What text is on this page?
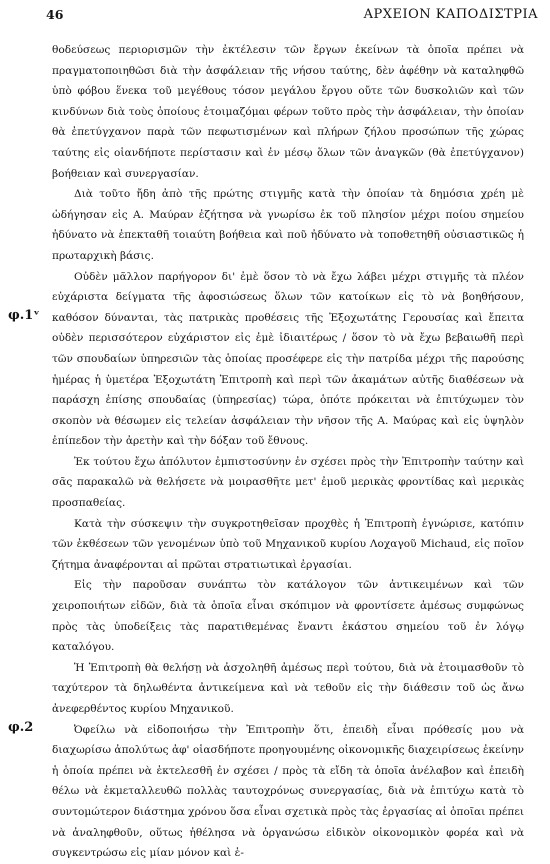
46	ΑΡΧΕΙΟΝ ΚΑΠΟΔΙΣΤΡΙΑ
φ.1ᵛ
φ.2

θοδεύσεως περιορισμῶν τὴν ἐκτέλεσιν τῶν ἔργων ἐκείνων τὰ ὁποῖα πρέπει νὰ πραγματοποιηθῶσι διὰ τὴν ἀσφάλειαν τῆς νήσου ταύτης, δὲν ἀφέθην νὰ καταληφθῶ ὑπὸ φόβου ἕνεκα τοῦ μεγέθους τόσον μεγάλου ἔργου οὔτε τῶν δυσκολιῶν καὶ τῶν κινδύνων διὰ τοὺς ὁποίους ἑτοιμαζόμαι φέρων τοῦτο πρὸς τὴν ἀσφάλειαν, τὴν ὁποίαν θὰ ἐπετύγχανον παρὰ τῶν πεφωτισμένων καὶ πλήρων ζήλου προσώπων τῆς χώρας ταύτης εἰς οἱανδήποτε περίστασιν καὶ ἐν μέσῳ ὅλων τῶν ἀναγκῶν (θὰ ἐπετύγχανον) βοήθειαν καὶ συνεργασίαν.

Διὰ τοῦτο ἤδη ἀπὸ τῆς πρώτης στιγμῆς κατὰ τὴν ὁποίαν τὰ δημόσια χρέη μὲ ὡδήγησαν εἰς Α. Μαύραν ἐζήτησα νὰ γνωρίσω ἐκ τοῦ πλησίον μέχρι ποίου σημείου ἠδύνατο νὰ ἐπεκταθῆ τοιαύτη βοήθεια καὶ ποῦ ἠδύνατο νὰ τοποθετηθῆ οὐσιαστικῶς ἡ πρωταρχικὴ βάσις.

Οὐδὲν μᾶλλον παρήγορον δι' ἐμὲ ὅσον τὸ νὰ ἔχω λάβει μέχρι στιγμῆς τὰ πλέον εὐχάριστα δείγματα τῆς ἀφοσιώσεως ὅλων τῶν κατοίκων εἰς τὸ νὰ βοηθήσουν, καθόσον δύνανται, τὰς πατρικὰς προθέσεις τῆς Ἐξοχωτάτης Γερουσίας καὶ ἔπειτα οὐδὲν περισσότερον εὐχάριστον εἰς ἐμὲ ἰδιαιτέρως / ὅσον τὸ νὰ ἔχω βεβαιωθῆ περὶ τῶν σπουδαίων ὑπηρεσιῶν τὰς ὁποίας προσέφερε εἰς τὴν πατρίδα μέχρι τῆς παρούσης ἡμέρας ἡ ὑμετέρα Ἐξοχωτάτη Ἐπιτροπὴ καὶ περὶ τῶν ἀκαμάτων αὐτῆς διαθέσεων νὰ παράσχη ἐπίσης σπουδαίας (ὑπηρεσίας) τώρα, ὁπότε πρόκειται νὰ ἐπιτύχωμεν τὸν σκοπὸν νὰ θέσωμεν εἰς τελείαν ἀσφάλειαν τὴν νῆσον τῆς Α. Μαύρας καὶ εἰς ὑψηλὸν ἐπίπεδον τὴν ἀρετὴν καὶ τὴν δόξαν τοῦ ἔθνους.

Ἐκ τούτου ἔχω ἀπόλυτον ἐμπιστοσύνην ἐν σχέσει πρὸς τὴν Ἐπιτροπὴν ταύτην καὶ σᾶς παρακαλῶ νὰ θελήσετε νὰ μοιρασθῆτε μετ' ἐμοῦ μερικὰς φροντίδας καὶ μερικὰς προσπαθείας.

Κατὰ τὴν σύσκεψιν τὴν συγκροτηθεῖσαν προχθὲς ἡ Ἐπιτροπὴ ἐγνώρισε, κατόπιν τῶν ἐκθέσεων τῶν γενομένων ὑπὸ τοῦ Μηχανικοῦ κυρίου Λοχαγοῦ Michaud, εἰς ποῖον ζήτημα ἀναφέρονται αἱ πρῶται στρατιωτικαὶ ἐργασίαι.

Εἰς τὴν παροῦσαν συνάπτω τὸν κατάλογον τῶν ἀντικειμένων καὶ τῶν χειροποιήτων εἰδῶν, διὰ τὰ ὁποῖα εἶναι σκόπιμον νὰ φροντίσετε ἀμέσως συμφώνως πρὸς τὰς ὑποδείξεις τὰς παρατιθεμένας ἔναντι ἑκάστου σημείου τοῦ ἐν λόγῳ καταλόγου.

Ἡ Ἐπιτροπὴ θὰ θελήσῃ νὰ ἀσχοληθῆ ἀμέσως περὶ τούτου, διὰ νὰ ἑτοιμασθοῦν τὸ ταχύτερον τὰ δηλωθέντα ἀντικείμενα καὶ νὰ τεθοῦν εἰς τὴν διάθεσιν τοῦ ὡς ἄνω ἀνεφερθέντος κυρίου Μηχανικοῦ.

Ὀφείλω νὰ εἰδοποιήσω τὴν Ἐπιτροπὴν ὅτι, ἐπειδὴ εἶναι πρόθεσίς μου νὰ διαχωρίσω ἀπολύτως ἀφ' οἱασδήποτε προηγουμένης οἰκονομικῆς διαχειρίσεως ἐκείνην ἡ ὁποία πρέπει νὰ ἐκτελεσθῆ ἐν σχέσει / πρὸς τὰ εἴδη τὰ ὁποῖα ἀνέλαβον καὶ ἐπειδὴ θέλω νὰ ἐκμεταλλευθῶ πολλὰς ταυτοχρόνως συνεργασίας, διὰ νὰ ἐπιτύχω κατὰ τὸ συντομώτερον διάστημα χρόνου ὅσα εἶναι σχετικὰ πρὸς τὰς ἐργασίας αἱ ὁποῖαι πρέπει νὰ ἀναληφθοῦν, οὕτως ἠθέλησα νὰ ὀργανώσω εἰδικὸν οἰκονομικὸν φορέα καὶ νὰ συγκεντρώσω εἰς μίαν μόνον καὶ ἑ-
